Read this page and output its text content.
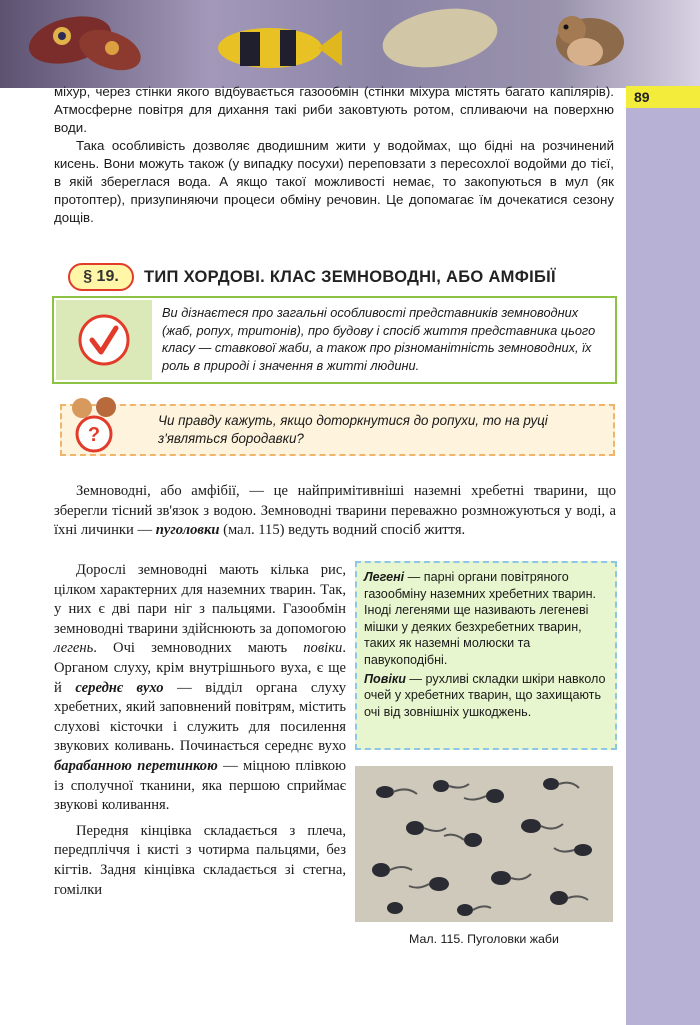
89

міхур, через стінки якого відбувається газообмін (стінки міхура містять багато капілярів). Атмосферне повітря для дихання такі риби заковтують ротом, спливаючи на поверхню води.

Така особливість дозволяє дводишним жити у водоймах, що бідні на розчинений кисень. Вони можуть також (у випадку посухи) переповзати з пересохлої водойми до тієї, в якій збереглася вода. А якщо такої можливості немає, то закопуються в мул (як протоптер), призупиняючи процеси обміну речовин. Це допомагає їм дочекатися сезону дощів.

§ 19.	ТИП ХОРДОВІ. КЛАС ЗЕМНОВОДНІ, АБО АМФІБІЇ
Ви дізнаєтеся про загальні особливості представників земноводних (жаб, ропух, тритонів), про будову і спосіб життя представника цього класу — ставкової жаби, а також про різноманітність земноводних, їх роль в природі і значення в житті людини.
?
Чи правду кажуть, якщо доторкнутися до ропухи, то на руці з'являться бородавки?

Земноводні, або амфібії, — це найпримітивніші наземні хребетні тварини, що зберегли тісний зв'язок з водою. Земноводні тварини переважно розмножуються у воді, а їхні личинки — пуголовки (мал. 115) ведуть водний спосіб життя.

Дорослі земноводні мають кілька рис, цілком характерних для наземних тварин. Так, у них є дві пари ніг з пальцями. Газообмін земноводні тварини здійснюють за допомогою легень. Очі земноводних мають повіки. Органом слуху, крім внутрішнього вуха, є ще й середнє вухо — відділ органа слуху хребетних, який заповнений повітрям, містить слухові кісточки і служить для посилення звукових коливань. Починається середнє вухо барабанною перетинкою — міцною плівкою із сполучної тканини, яка першою сприймає звукові коливання.

Передня кінцівка складається з плеча, передпліччя і кисті з чотирма пальцями, без кігтів. Задня кінцівка складається зі стегна, гомілки

Легені — парні органи повітряного газообміну наземних хребетних тварин. Іноді легенями ще називають легеневі мішки у деяких безхребетних тварин, таких як наземні молюски та павукоподібні.

Повіки — рухливі складки шкіри навколо очей у хребетних тварин, що захищають очі від зовнішніх ушкоджень.

Мал. 115. Пуголовки жаби
